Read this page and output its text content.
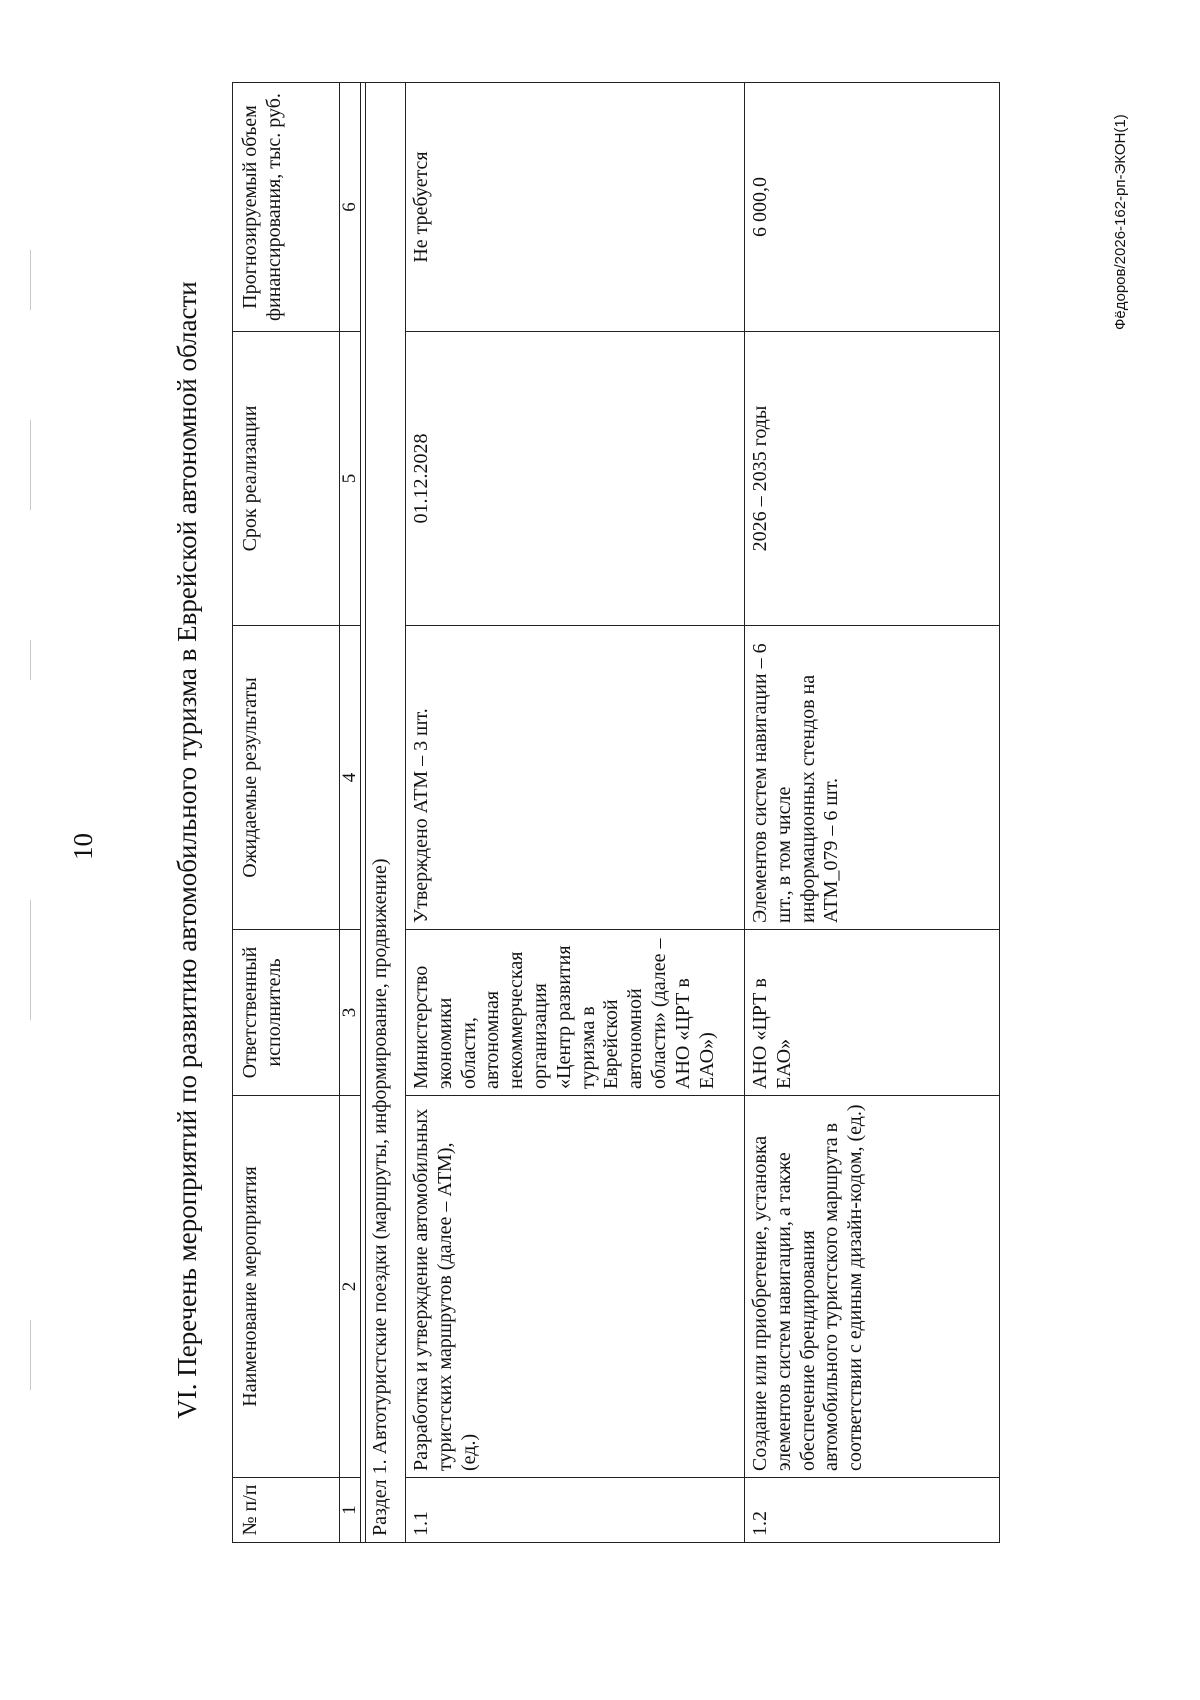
10	VI. Перечень мероприятий по развитию автомобильного туризма в Еврейской автономной области
№ п/п	Наименование мероприятия	Ответственный исполнитель	Ожидаемые результаты	Срок реализации	Прогнозируемый объем финансирования, тыс. руб.
1	2	3	4	5	6

Раздел 1. Автотуристские поездки (маршруты, информирование, продвижение)					
1.1	Разработка и утверждение автомобильных туристских маршрутов (далее – АТМ), (ед.)	Министерство экономики области, автономная некоммерческая организация «Центр развития туризма в Еврейской автономной области» (далее – АНО «ЦРТ в ЕАО»)	Утверждено АТМ – 3 шт.	01.12.2028	Не требуется
1.2	Создание или приобретение, установка элементов систем навигации, а также обеспечение брендирования автомобильного туристского маршрута в соответствии с единым дизайн-кодом, (ед.)	АНО «ЦРТ в ЕАО»	Элементов систем навигации – 6 шт., в том числе информационных стендов на АТМ_079 – 6 шт.	2026 – 2035 годы	6 000,0	Фёдоров/2026-162-рп-ЭКОН(1)
